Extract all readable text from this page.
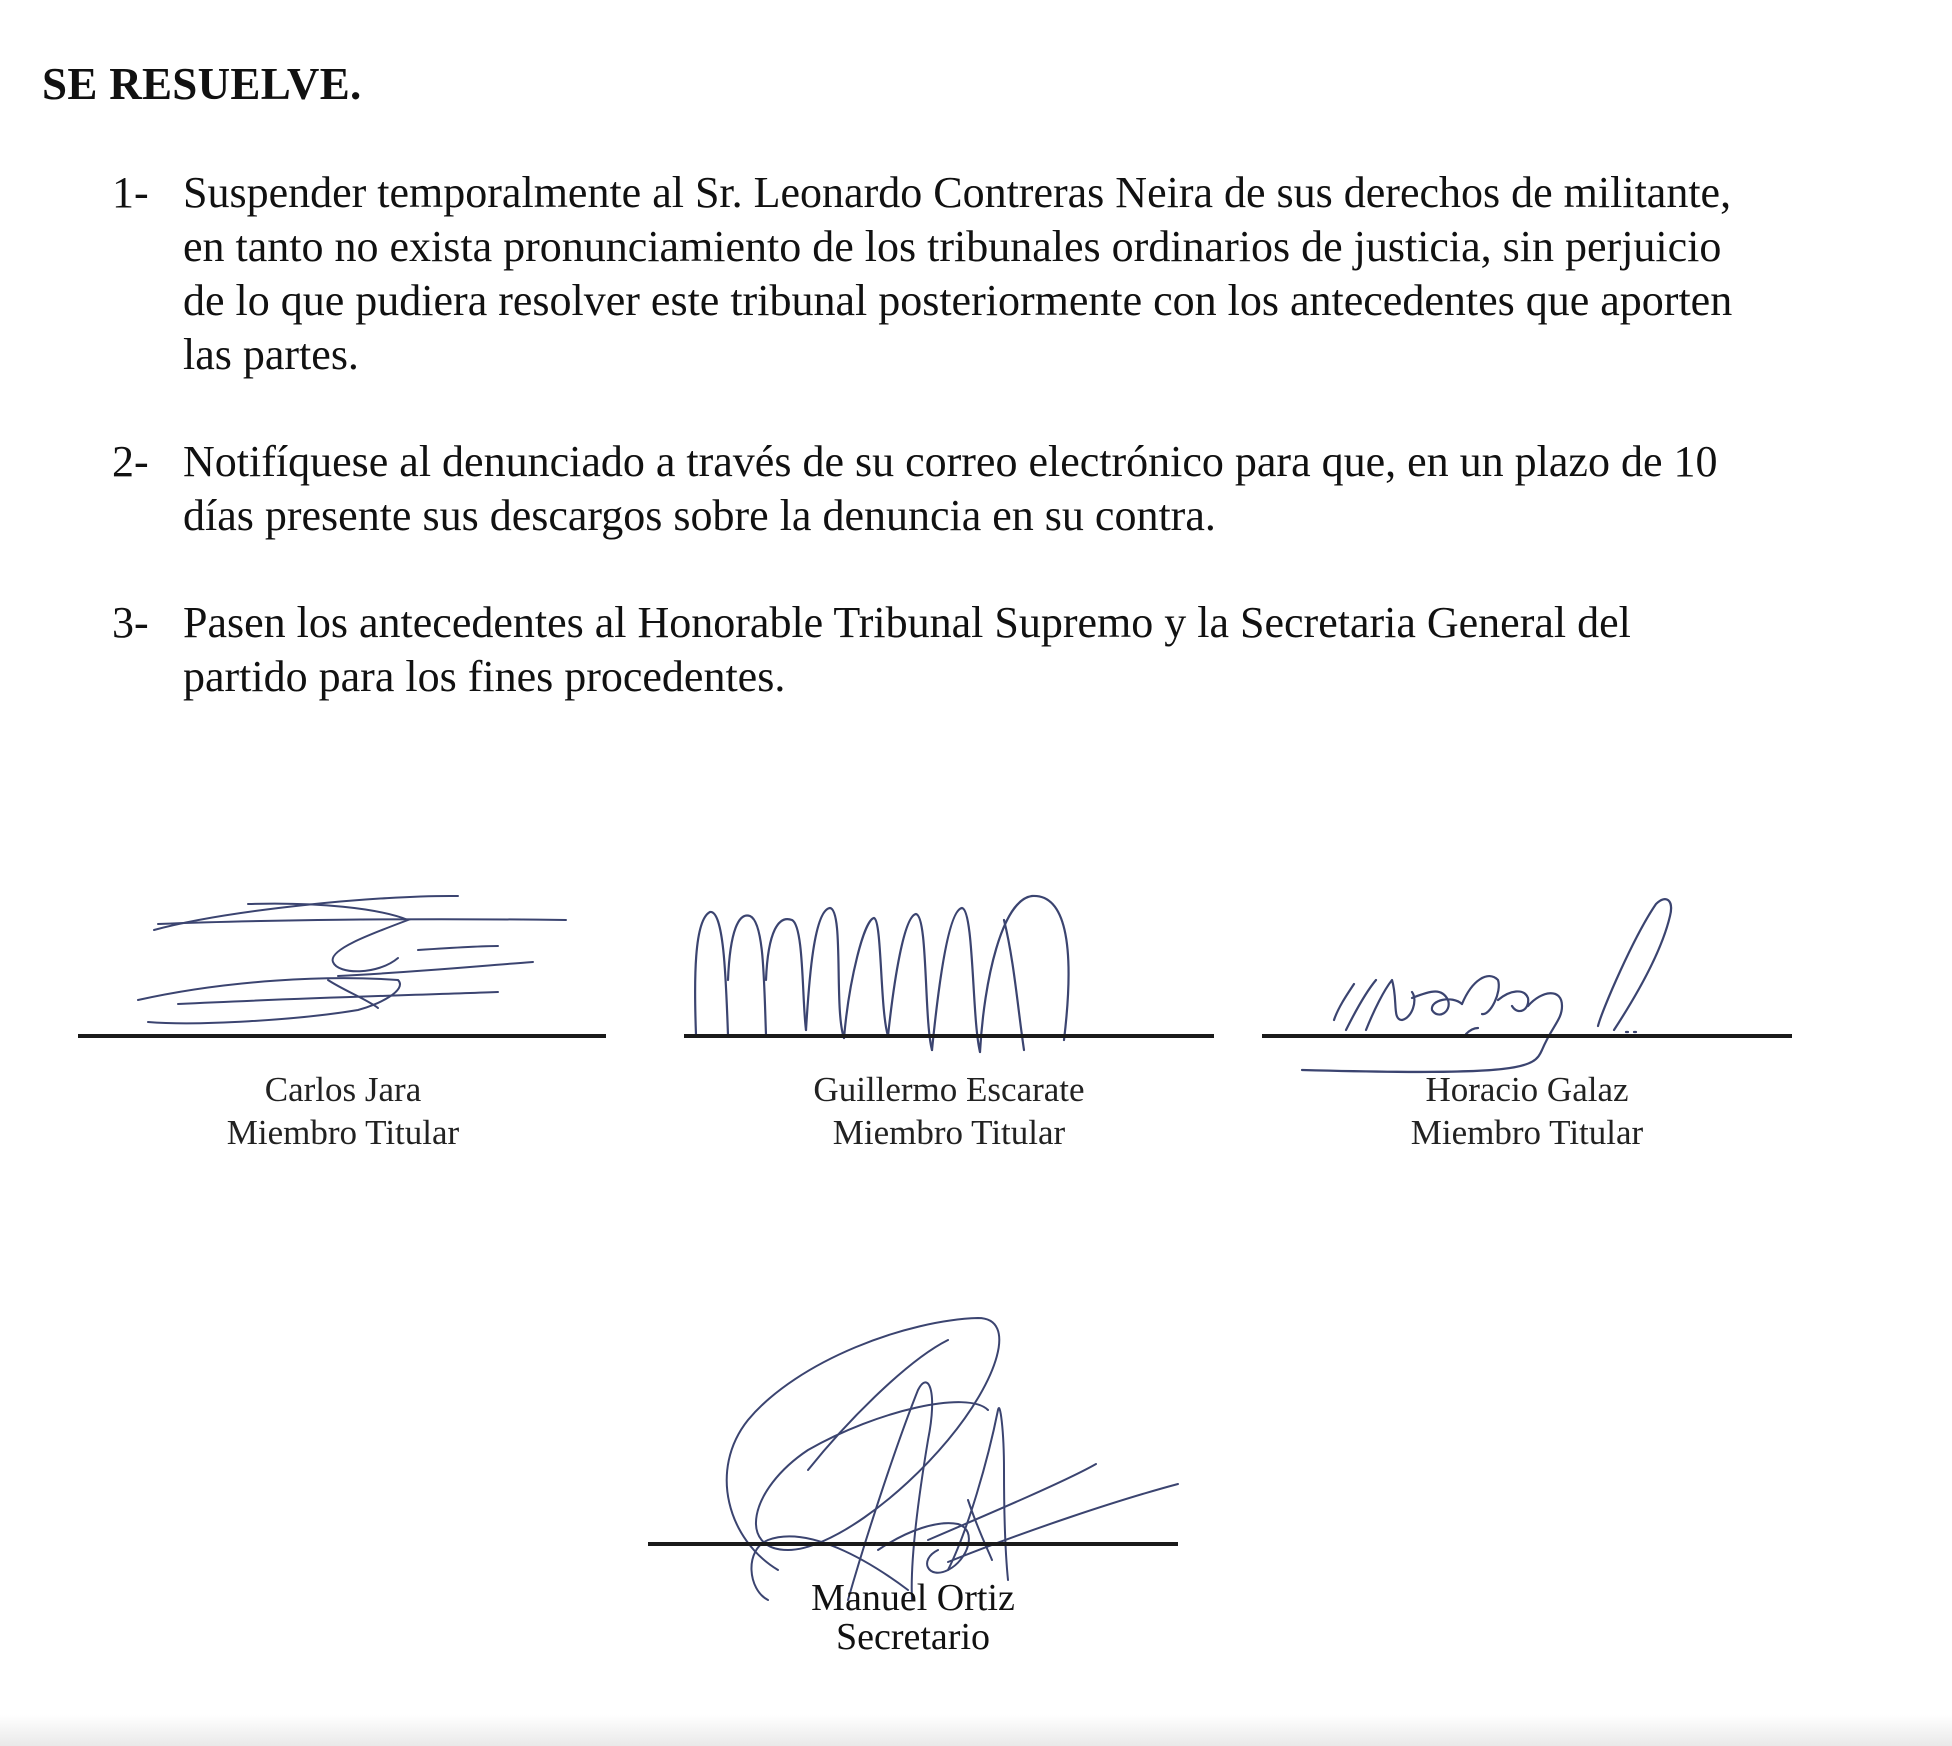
SE RESUELVE.
1- Suspender temporalmente al Sr. Leonardo Contreras Neira de sus derechos de militante,
en tanto no exista pronunciamiento de los tribunales ordinarios de justicia, sin perjuicio
de lo que pudiera resolver este tribunal posteriormente con los antecedentes que aporten
las partes.
2- Notifíquese al denunciado a través de su correo electrónico para que, en un plazo de 10
días presente sus descargos sobre la denuncia en su contra.
3- Pasen los antecedentes al Honorable Tribunal Supremo y la Secretaria General del
partido para los fines procedentes.
Carlos Jara
Miembro Titular
Guillermo Escarate
Miembro Titular
Horacio Galaz
Miembro Titular
Manuel Ortiz
Secretario
